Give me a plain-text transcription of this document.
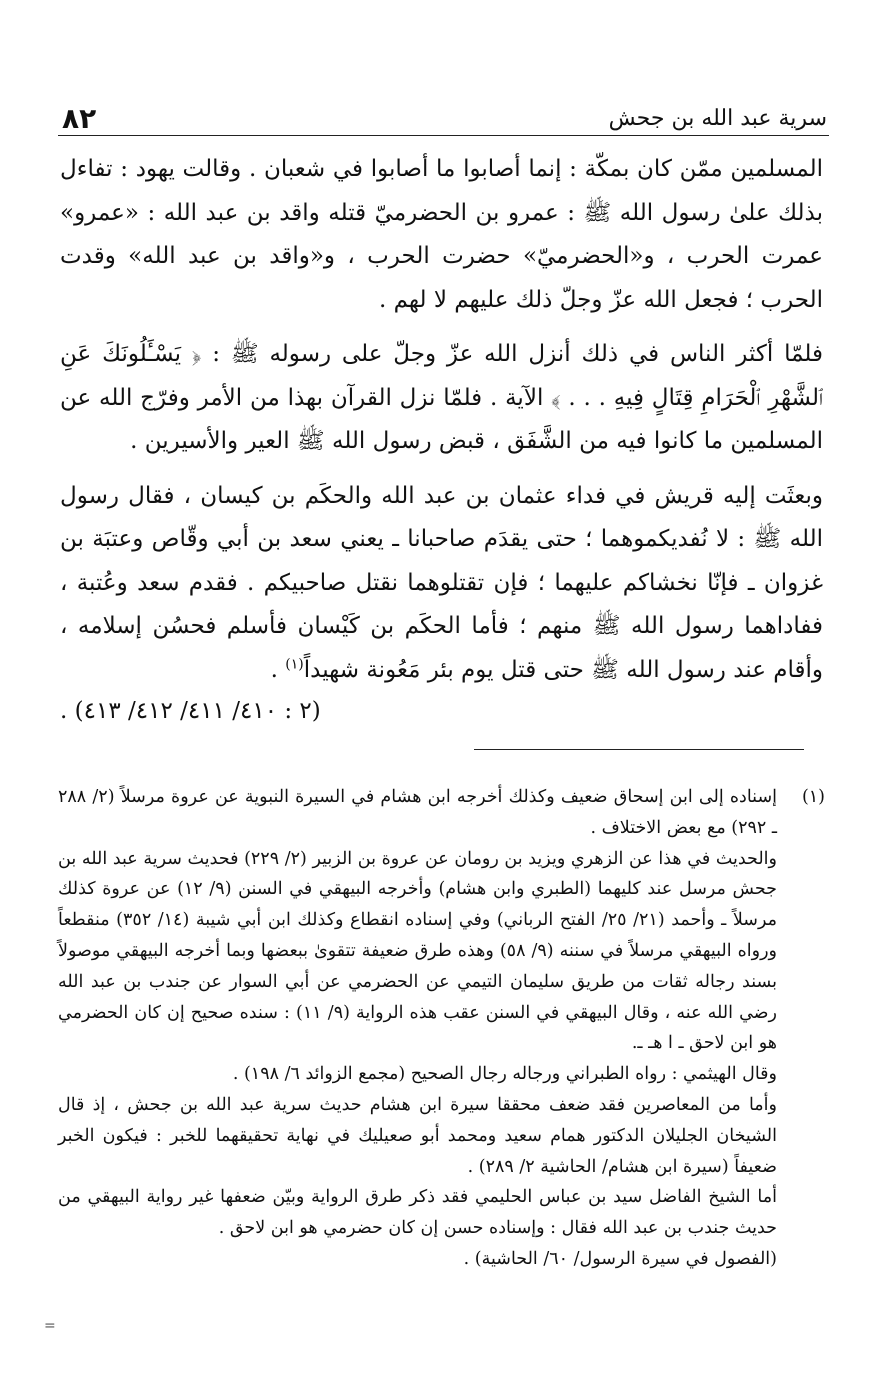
سرية عبد الله بن جحش
٨٢

المسلمين ممّن كان بمكّة : إنما أصابوا ما أصابوا في شعبان . وقالت يهود : تفاءل بذلك علىٰ رسول الله ﷺ : عمرو بن الحضرميّ قتله واقد بن عبد الله : «عمرو» عمرت الحرب ، و«الحضرميّ» حضرت الحرب ، و«واقد بن عبد الله» وقدت الحرب ؛ فجعل الله عزّ وجلّ ذلك عليهم لا لهم .

فلمّا أكثر الناس في ذلك أنزل الله عزّ وجلّ على رسوله ﷺ : ﴿ يَسْـَٔلُونَكَ عَنِ ٱلشَّهْرِ ٱلْحَرَامِ قِتَالٍ فِيهِ . . . ﴾ الآية . فلمّا نزل القرآن بهذا من الأمر وفرّج الله عن المسلمين ما كانوا فيه من الشَّفَق ، قبض رسول الله ﷺ العير والأسيرين .

وبعثَت إليه قريش في فداء عثمان بن عبد الله والحكَم بن كيسان ، فقال رسول الله ﷺ : لا نُفديكموهما ؛ حتى يقدَم صاحبانا ـ يعني سعد بن أبي وقّاص وعتبَة بن غزوان ـ فإنّا نخشاكم عليهما ؛ فإن تقتلوهما نقتل صاحبيكم . فقدم سعد وعُتبة ، ففاداهما رسول الله ﷺ منهم ؛ فأما الحكَم بن كَيْسان فأسلم فحسُن إسلامه ، وأقام عند رسول الله ﷺ حتى قتل يوم بئر مَعُونة شهيداً$^{(١)}$ .

(٢ : ٤١٠/ ٤١١/ ٤١٢/ ٤١٣) .

(١)

إسناده إلى ابن إسحاق ضعيف وكذلك أخرجه ابن هشام في السيرة النبوية عن عروة مرسلاً (٢/ ٢٨٨ ـ ٢٩٢) مع بعض الاختلاف .

والحديث في هذا عن الزهري ويزيد بن رومان عن عروة بن الزبير (٢/ ٢٢٩) فحديث سرية عبد الله بن جحش مرسل عند كليهما (الطبري وابن هشام) وأخرجه البيهقي في السنن (٩/ ١٢) عن عروة كذلك مرسلاً ـ وأحمد (٢١/ ٢٥/ الفتح الرباني) وفي إسناده انقطاع وكذلك ابن أبي شيبة (١٤/ ٣٥٢) منقطعاً ورواه البيهقي مرسلاً في سننه (٩/ ٥٨) وهذه طرق ضعيفة تتقوىٰ ببعضها وبما أخرجه البيهقي موصولاً بسند رجاله ثقات من طريق سليمان التيمي عن الحضرمي عن أبي السوار عن جندب بن عبد الله رضي الله عنه ، وقال البيهقي في السنن عقب هذه الرواية (٩/ ١١) : سنده صحيح إن كان الحضرمي هو ابن لاحق ـ ا هـ ـ.

وقال الهيثمي : رواه الطبراني ورجاله رجال الصحيح (مجمع الزوائد ٦/ ١٩٨) .

وأما من المعاصرين فقد ضعف محققا سيرة ابن هشام حديث سرية عبد الله بن جحش ، إذ قال الشيخان الجليلان الدكتور همام سعيد ومحمد أبو صعيليك في نهاية تحقيقهما للخبر : فيكون الخبر ضعيفاً (سيرة ابن هشام/ الحاشية ٢/ ٢٨٩) .

أما الشيخ الفاضل سيد بن عباس الحليمي فقد ذكر طرق الرواية وبيّن ضعفها غير رواية البيهقي من حديث جندب بن عبد الله فقال : وإسناده حسن إن كان حضرمي هو ابن لاحق .

(الفصول في سيرة الرسول/ ٦٠/ الحاشية) .

=
